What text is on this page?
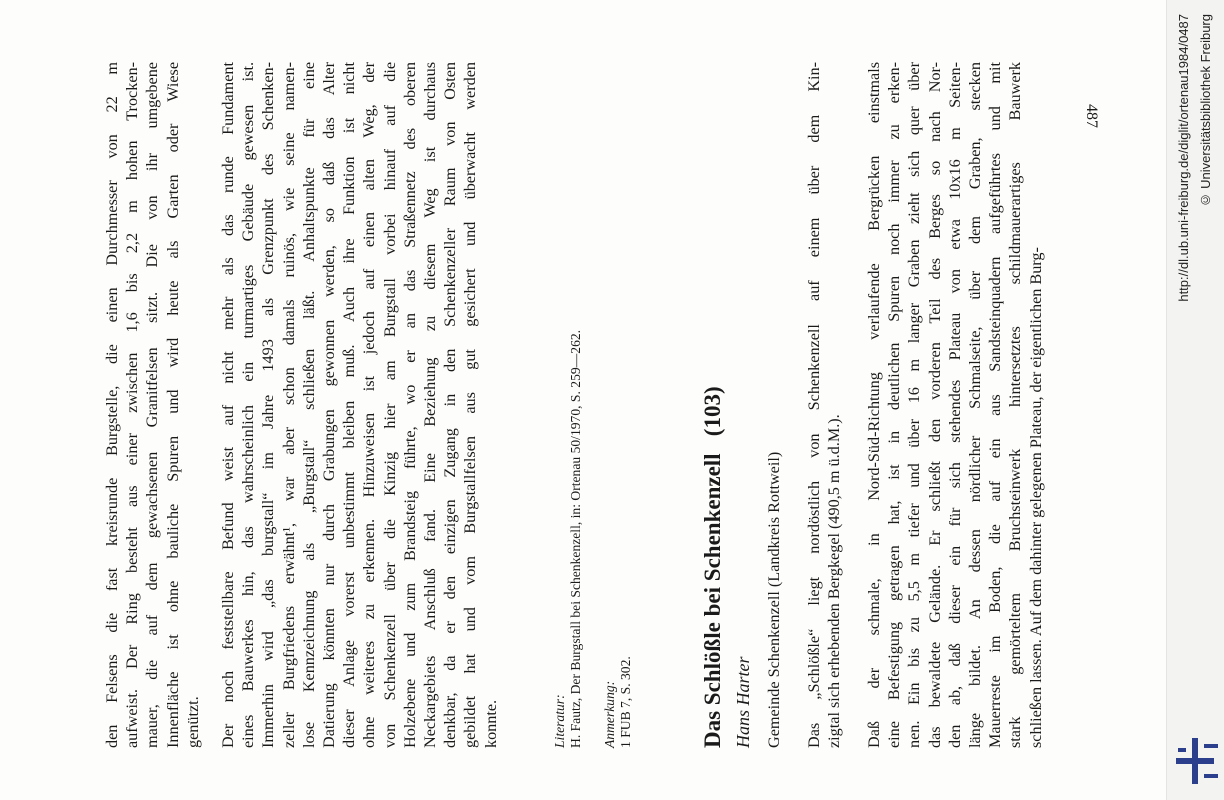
den Felsens die fast kreisrunde Burgstelle, die einen Durchmesser von 22 m aufweist. Der Ring besteht aus einer zwischen 1,6 bis 2,2 m hohen Trocken- mauer, die auf dem gewachsenen Granitfelsen sitzt. Die von ihr umgebene Innenfläche ist ohne bauliche Spuren und wird heute als Garten oder Wiese genützt. Der noch feststellbare Befund weist auf nicht mehr als das runde Fundament eines Bauwerkes hin, das wahrscheinlich ein turmartiges Gebäude gewesen ist. Immerhin wird „das burgstall“ im Jahre 1493 als Grenzpunkt des Schenken- zeller Burgfriedens erwähnt¹, war aber schon damals ruinös, wie seine namen- lose Kennzeichnung als „Burgstall“ schließen läßt. Anhaltspunkte für eine Datierung könnten nur durch Grabungen gewonnen werden, so daß das Alter dieser Anlage vorerst unbestimmt bleiben muß. Auch ihre Funktion ist nicht ohne weiteres zu erkennen. Hinzuweisen ist jedoch auf einen alten Weg, der von Schenkenzell über die Kinzig hier am Burgstall vorbei hinauf auf die Holzebene und zum Brandsteig führte, wo er an das Straßennetz des oberen Neckargebiets Anschluß fand. Eine Beziehung zu diesem Weg ist durchaus denkbar, da er den einzigen Zugang in den Schenkenzeller Raum von Osten gebildet hat und vom Burgstallfelsen aus gut gesichert und überwacht werden konnte.	Literatur: H. Fautz, Der Burgstall bei Schenkenzell, in: Ortenau 50/1970, S. 259—262. Anmerkung: 1 FUB 7, S. 302.	Das Schlößle bei Schenkenzell   (103) Hans Harter Gemeinde Schenkenzell (Landkreis Rottweil) Das „Schlößle“ liegt nordöstlich von Schenkenzell auf einem über dem Kin- zigtal sich erhebenden Bergkegel (490,5 m ü.d.M.). Daß der schmale, in Nord-Süd-Richtung verlaufende Bergrücken einstmals eine Befestigung getragen hat, ist in deutlichen Spuren noch immer zu erken- nen. Ein bis zu 5,5 m tiefer und über 16 m langer Graben zieht sich quer über das bewaldete Gelände. Er schließt den vorderen Teil des Berges so nach Nor- den ab, daß dieser ein für sich stehendes Plateau von etwa 10x16 m Seiten- länge bildet. An dessen nördlicher Schmalseite, über dem Graben, stecken Mauerreste im Boden, die auf ein aus Sandsteinquadern aufgeführtes und mit stark gemörteltem Bruchsteinwerk hintersetztes schildmauerartiges Bauwerk schließen lassen. Auf dem dahinter gelegenen Plateau, der eigentlichen Burg-
487	http://dl.ub.uni-freiburg.de/diglit/ortenau1984/0487 © Universitätsbibliothek Freiburg
